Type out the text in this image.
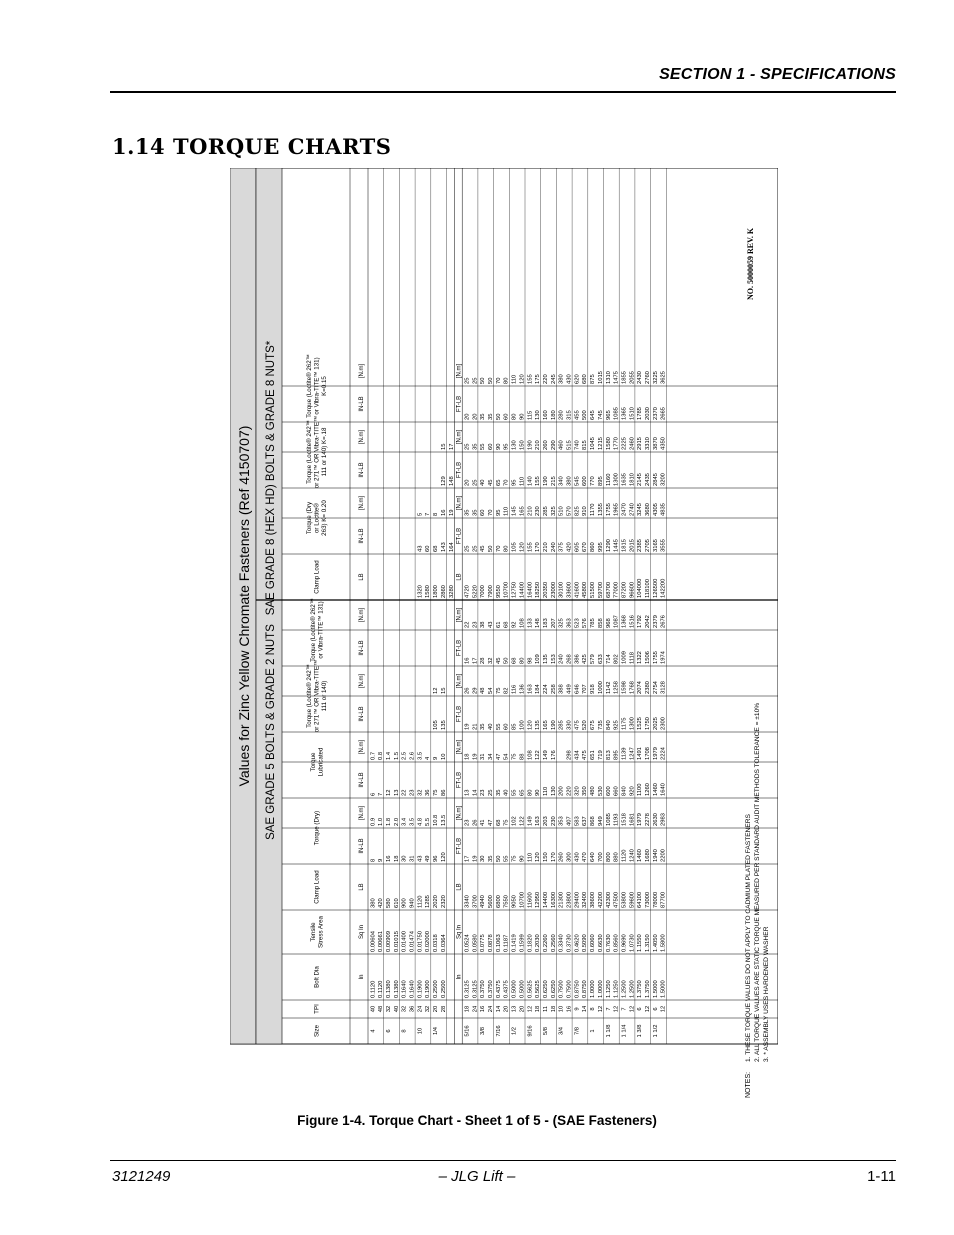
SECTION 1 - SPECIFICATIONS
1.14 TORQUE CHARTS
Values for Zinc Yellow Chromate Fasteners (Ref 4150707) SAE GRADE 5 BOLTS & GRADE 2 NUTS
SAE GRADE 8 (HEX HD) BOLTS & GRADE 8 NUTS*
Size
TPI
Bolt Dia
TensileStress Area
Clamp Load
Torque (Dry)
TorqueLubricated
Torque (Loctite® 242™or 271™ OR Vibra-TITE™111 or 140)
Torque (Loctite® 262™or Vibra-TITE™ 131)
Clamp Load
Torque (Dryor Loctite®263) K= 0.20
Torque (Loctite® 242™or 271™ OR Vibra-TITE™111 or 140) K=.18
Torque (Loctite® 262™or Vibra-TITE™ 131)K=0.15
In
Sq In
LB
IN-LB
[N.m]
IN-LB
[N.m]
IN-LB
[N.m]
IN-LB
[N.m]
LB
IN-LB
[N.m]
IN-LB
[N.m]
IN-LB
[N.m]
4
40
0.1120
0.00604
380
8
0.9
6
0.7
48
0.1120
0.00661
420
9
1.0
7
0.8
6
32
0.1380
0.00909
580
16
1.8
12
1.4
40
0.1380
0.01015
610
18
2.0
13
1.5
8
32
0.1640
0.01400
900
30
3.4
22
2.5
36
0.1640
0.01474
940
31
3.5
23
2.6
10
24
0.1900
0.01750
1120
43
4.8
32
3.5
1320
43
5
32
0.1900
0.02000
1285
49
5.5
36
4
1580
60
7
1/4
20
0.2500
0.0318
2020
96
10.8
75
9
105
12
1800
68
8
28
0.2500
0.0364
2320
120
13.5
86
10
135
15
2860
143
16
129
15
3280
164
19
148
17
In
Sq In
LB
FT-LB
[N.m]
FT-LB
[N.m]
FT-LB
[N.m]
FT-LB
[N.m]
LB
FT-LB
[N.m]
FT-LB
[N.m]
FT-LB
[N.m]
5/16
18
0.3125
0.0524
3340
17
23
13
18
19
26
16
22
4720
25
35
20
25
20
25
24
0.3125
0.0580
3700
19
26
14
19
21
29
17
23
5220
25
35
25
35
20
25
3/8
16
0.3750
0.0775
4940
30
41
23
31
35
48
28
38
7000
45
60
40
55
35
50
24
0.3750
0.0878
5600
35
47
25
34
40
54
32
43
7900
50
70
45
60
35
50
7/16
14
0.4375
0.1063
6800
50
68
35
47
55
75
45
61
9550
70
95
65
90
50
70
20
0.4375
0.1187
7550
55
75
40
54
60
82
50
68
10700
80
110
70
95
60
80
1/2
13
0.5000
0.1419
9050
75
102
55
75
85
116
68
92
12750
105
145
95
130
80
110
20
0.5000
0.1599
10700
90
122
65
88
100
136
80
108
14400
120
165
110
150
90
120
9/16
12
0.5625
0.1820
11600
110
149
80
108
120
163
98
133
16400
155
210
140
190
115
155
18
0.5625
0.2030
12950
120
163
90
122
135
184
109
148
18250
170
230
155
210
130
175
5/8
11
0.6250
0.2260
14400
150
203
110
149
165
224
135
183
20350
210
285
190
260
160
220
18
0.6250
0.2560
16300
170
230
130
176
190
258
153
207
23000
240
325
215
290
180
245
3/4
10
0.7500
0.3340
21300
260
353
200
285
388
240
325
30100
375
510
340
460
280
380
16
0.7500
0.3730
23800
300
407
220
298
330
449
268
363
33600
420
570
380
515
315
430
7/8
9
0.8750
0.4620
29400
430
583
320
434
475
646
386
523
41600
605
825
545
740
455
620
14
0.8750
0.5090
32400
470
637
350
475
520
707
425
576
45800
670
910
600
815
500
680
1
8
1.0000
0.6060
38600
640
868
480
651
675
918
579
785
51500
860
1170
770
1045
645
875
12
1.0000
0.6630
42200
700
949
530
719
735
1000
633
858
59700
995
1355
895
1215
745
1015
1 1/8
7
1.1250
0.7630
42300
800
1085
600
813
840
1142
714
968
68700
1290
1755
1160
1580
965
1310
12
1.1250
0.8560
47500
880
1193
660
895
925
1258
802
1087
77000
1445
1965
1300
1770
1085
1475
1 1/4
7
1.2500
0.9690
53800
1120
1518
840
1139
1175
1598
1009
1368
87200
1815
2470
1635
2225
1365
1855
12
1.2500
1.0730
59600
1240
1681
920
1247
1300
1768
1118
1516
96600
2015
2740
1810
2460
1510
2055
1 3/8
6
1.3750
1.1550
64100
1460
1979
1100
1491
1525
2074
1322
1792
104000
2385
3245
2145
2915
1785
2430
12
1.3750
1.3150
73000
1680
2278
1260
1708
1750
2380
1506
2042
118100
2705
3680
2435
3310
2030
2760
1 1/2
6
1.5000
1.4050
78000
1940
2630
1460
1979
2025
2754
1755
2379
126500
3165
4305
2845
3870
2370
3225
12
1.5000
1.5800
87700
2200
2983
1640
2224
2300
3128
1974
2676
142200
3555
4835
3200
4350
2665
3625
NOTES:
1. THESE TORQUE VALUES DO NOT APPLY TO CADMIUM PLATED FASTENERS 2. ALL TORQUE VALUES ARE STATIC TORQUE MEASURED PER STANDARD AUDIT METHODS TOLERANCE = ±10% 3. * ASSEMBLY USES HARDENED WASHER
Figure 1-4. Torque Chart - Sheet 1 of 5 - (SAE Fasteners)
3121249	– JLG Lift –	1-11
NO. 5000059 REV. K
